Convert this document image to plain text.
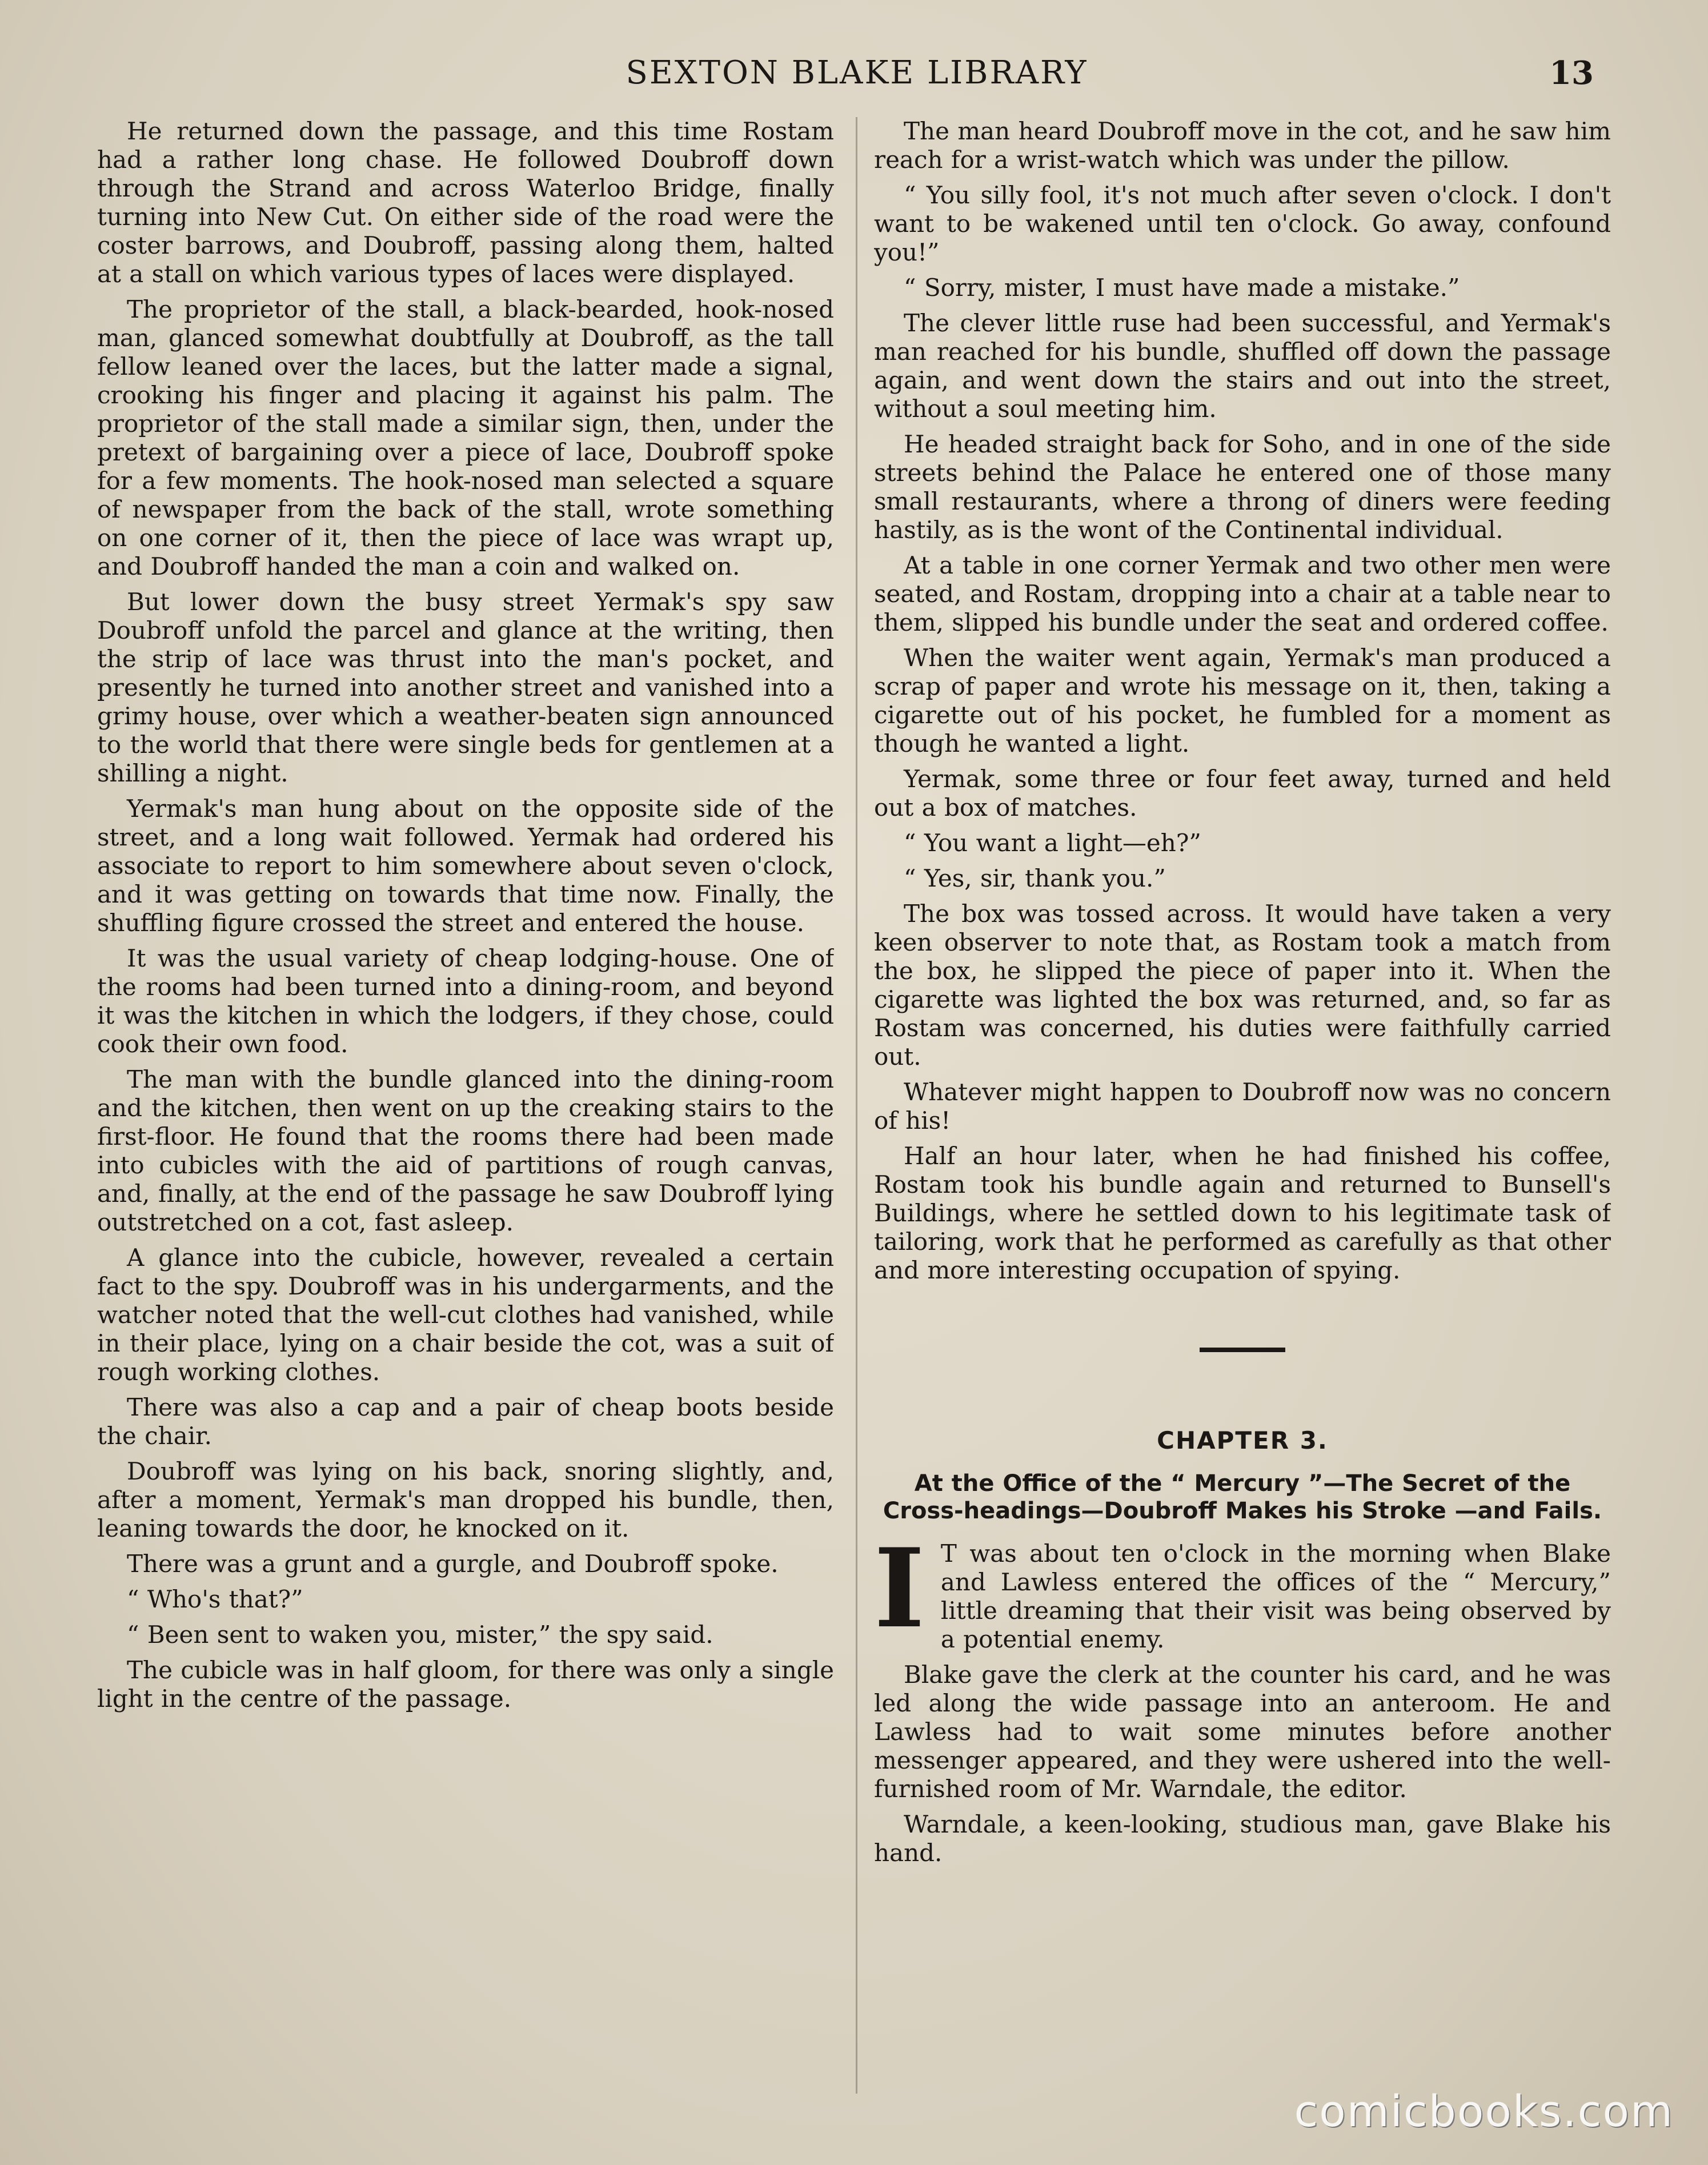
SEXTON BLAKE LIBRARY	13

He returned down the passage, and this time Rostam had a rather long chase. He followed Doubroff down through the Strand and across Waterloo Bridge, finally turning into New Cut. On either side of the road were the coster barrows, and Doubroff, passing along them, halted at a stall on which various types of laces were displayed.

The proprietor of the stall, a black-bearded, hook-nosed man, glanced somewhat doubtfully at Doubroff, as the tall fellow leaned over the laces, but the latter made a signal, crooking his finger and placing it against his palm. The proprietor of the stall made a similar sign, then, under the pretext of bargaining over a piece of lace, Doubroff spoke for a few moments. The hook-nosed man selected a square of newspaper from the back of the stall, wrote something on one corner of it, then the piece of lace was wrapt up, and Doubroff handed the man a coin and walked on.

But lower down the busy street Yermak's spy saw Doubroff unfold the parcel and glance at the writing, then the strip of lace was thrust into the man's pocket, and presently he turned into another street and vanished into a grimy house, over which a weather-beaten sign announced to the world that there were single beds for gentlemen at a shilling a night.

Yermak's man hung about on the opposite side of the street, and a long wait followed. Yermak had ordered his associate to report to him somewhere about seven o'clock, and it was getting on towards that time now. Finally, the shuffling figure crossed the street and entered the house.

It was the usual variety of cheap lodging-house. One of the rooms had been turned into a dining-room, and beyond it was the kitchen in which the lodgers, if they chose, could cook their own food.

The man with the bundle glanced into the dining-room and the kitchen, then went on up the creaking stairs to the first-floor. He found that the rooms there had been made into cubicles with the aid of partitions of rough canvas, and, finally, at the end of the passage he saw Doubroff lying outstretched on a cot, fast asleep.

A glance into the cubicle, however, revealed a certain fact to the spy. Doubroff was in his undergarments, and the watcher noted that the well-cut clothes had vanished, while in their place, lying on a chair beside the cot, was a suit of rough working clothes.

There was also a cap and a pair of cheap boots beside the chair.

Doubroff was lying on his back, snoring slightly, and, after a moment, Yermak's man dropped his bundle, then, leaning towards the door, he knocked on it.

There was a grunt and a gurgle, and Doubroff spoke.

“ Who's that?”

“ Been sent to waken you, mister,” the spy said.

The cubicle was in half gloom, for there was only a single light in the centre of the passage.

The man heard Doubroff move in the cot, and he saw him reach for a wrist-watch which was under the pillow.

“ You silly fool, it's not much after seven o'clock. I don't want to be wakened until ten o'clock. Go away, confound you!”

“ Sorry, mister, I must have made a mistake.”

The clever little ruse had been successful, and Yermak's man reached for his bundle, shuffled off down the passage again, and went down the stairs and out into the street, without a soul meeting him.

He headed straight back for Soho, and in one of the side streets behind the Palace he entered one of those many small restaurants, where a throng of diners were feeding hastily, as is the wont of the Continental individual.

At a table in one corner Yermak and two other men were seated, and Rostam, dropping into a chair at a table near to them, slipped his bundle under the seat and ordered coffee.

When the waiter went again, Yermak's man produced a scrap of paper and wrote his message on it, then, taking a cigarette out of his pocket, he fumbled for a moment as though he wanted a light.

Yermak, some three or four feet away, turned and held out a box of matches.

“ You want a light—eh?”

“ Yes, sir, thank you.”

The box was tossed across. It would have taken a very keen observer to note that, as Rostam took a match from the box, he slipped the piece of paper into it. When the cigarette was lighted the box was returned, and, so far as Rostam was concerned, his duties were faithfully carried out.

Whatever might happen to Doubroff now was no concern of his!

Half an hour later, when he had finished his coffee, Rostam took his bundle again and returned to Bunsell's Buildings, where he settled down to his legitimate task of tailoring, work that he performed as carefully as that other and more interesting occupation of spying.

CHAPTER 3.
At the Office of the “ Mercury ”—The Secret of the Cross-headings—Doubroff Makes his Stroke —and Fails.

I T was about ten o'clock in the morning when Blake and Lawless entered the offices of the “ Mercury,” little dreaming that their visit was being observed by a potential enemy.

Blake gave the clerk at the counter his card, and he was led along the wide passage into an anteroom. He and Lawless had to wait some minutes before another messenger appeared, and they were ushered into the well-furnished room of Mr. Warndale, the editor.

Warndale, a keen-looking, studious man, gave Blake his hand.

comicbooks.com
